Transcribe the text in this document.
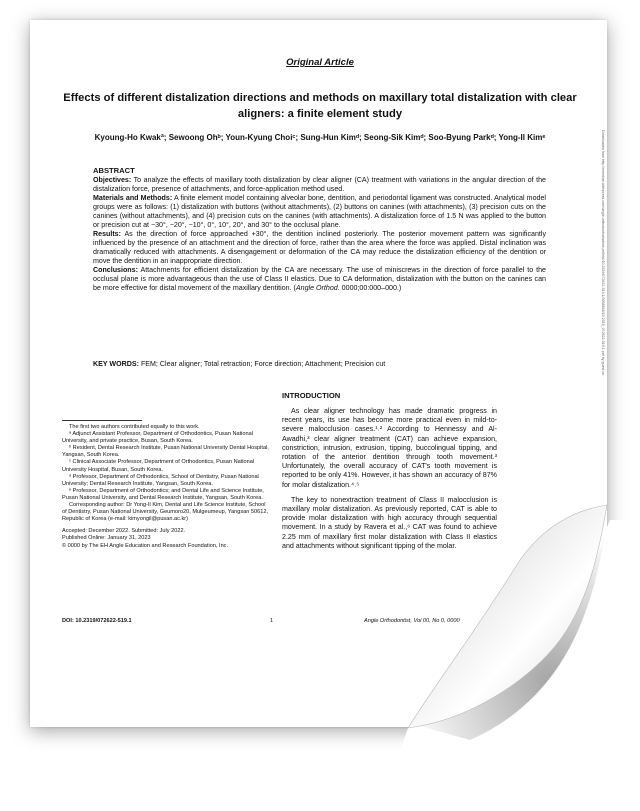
Downloaded from http://meridian.allenpress.com/angle-orthodontist/article-pdf/doi/10.2319/072622-519.1/3098846/10.2319_072622-519.1.pdf by guest on
Original Article
Effects of different distalization directions and methods on maxillary total distalization with clear aligners: a finite element study
Kyoung-Ho Kwakª; Sewoong Ohᵇ; Youn-Kyung Choiᶜ; Sung-Hun Kimᵈ; Seong-Sik Kimᵈ; Soo-Byung Parkᵈ; Yong-Il Kimᵉ

ABSTRACT

Objectives: To analyze the effects of maxillary tooth distalization by clear aligner (CA) treatment with variations in the angular direction of the distalization force, presence of attachments, and force-application method used.

Materials and Methods: A finite element model containing alveolar bone, dentition, and periodontal ligament was constructed. Analytical model groups were as follows: (1) distalization with buttons (without attachments), (2) buttons on canines (with attachments), (3) precision cuts on the canines (without attachments), and (4) precision cuts on the canines (with attachments). A distalization force of 1.5 N was applied to the button or precision cut at −30°, −20°, −10°, 0°, 10°, 20°, and 30° to the occlusal plane.

Results: As the direction of force approached +30°, the dentition inclined posteriorly. The posterior movement pattern was significantly influenced by the presence of an attachment and the direction of force, rather than the area where the force was applied. Distal inclination was dramatically reduced with attachments. A disengagement or deformation of the CA may reduce the distalization efficiency of the dentition or move the dentition in an inappropriate direction.

Conclusions: Attachments for efficient distalization by the CA are necessary. The use of miniscrews in the direction of force parallel to the occlusal plane is more advantageous than the use of Class II elastics. Due to CA deformation, distalization with the button on the canines can be more effective for distal movement of the maxillary dentition. (Angle Orthod. 0000;00:000–000.)

KEY WORDS: FEM; Clear aligner; Total retraction; Force direction; Attachment; Precision cut

The first two authors contributed equally to this work.

ᵃ Adjunct Assistant Professor, Department of Orthodontics, Pusan National University, and private practice, Busan, South Korea.

ᵇ Resident, Dental Research Institute, Pusan National University Dental Hospital, Yangsan, South Korea.

ᶜ Clinical Associate Professor, Department of Orthodontics, Pusan National University Hospital, Busan, South Korea.

ᵈ Professor, Department of Orthodontics, School of Dentistry, Pusan National University; Dental Research Institute, Yangsan, South Korea.

ᵉ Professor, Department of Orthodontics; and Dental Life and Science Institute, Pusan National University, and Dental Research Institute, Yangsan, South Korea.

Corresponding author: Dr Yong-Il Kim, Dental and Life Science Institute, School of Dentistry, Pusan National University, Geumoro20, Mulgeumeup, Yangsan 50612, Republic of Korea (e-mail: kimyongil@pusan.ac.kr)

Accepted: December 2022. Submitted: July 2022.

Published Online: January 31, 2023

© 0000 by The EH Angle Education and Research Foundation, Inc.

INTRODUCTION

As clear aligner technology has made dramatic progress in recent years, its use has become more practical even in mild-to-severe malocclusion cases.¹˒² According to Hennessy and Al-Awadhi,³ clear aligner treatment (CAT) can achieve expansion, constriction, intrusion, extrusion, tipping, buccolingual tipping, and rotation of the anterior dentition through tooth movement.³ Unfortunately, the overall accuracy of CAT's tooth movement is reported to be only 41%. However, it has shown an accuracy of 87% for molar distalization.⁴˒⁵

The key to nonextraction treatment of Class II malocclusion is maxillary molar distalization. As previously reported, CAT is able to provide molar distalization with high accuracy through sequential movement. In a study by Ravera et al.,⁶ CAT was found to achieve 2.25 mm of maxillary first molar distalization with Class II elastics and attachments without significant tipping of the molar.

DOI: 10.2319/072622-519.1	1	Angle Orthodontist, Vol 00, No 0, 0000
